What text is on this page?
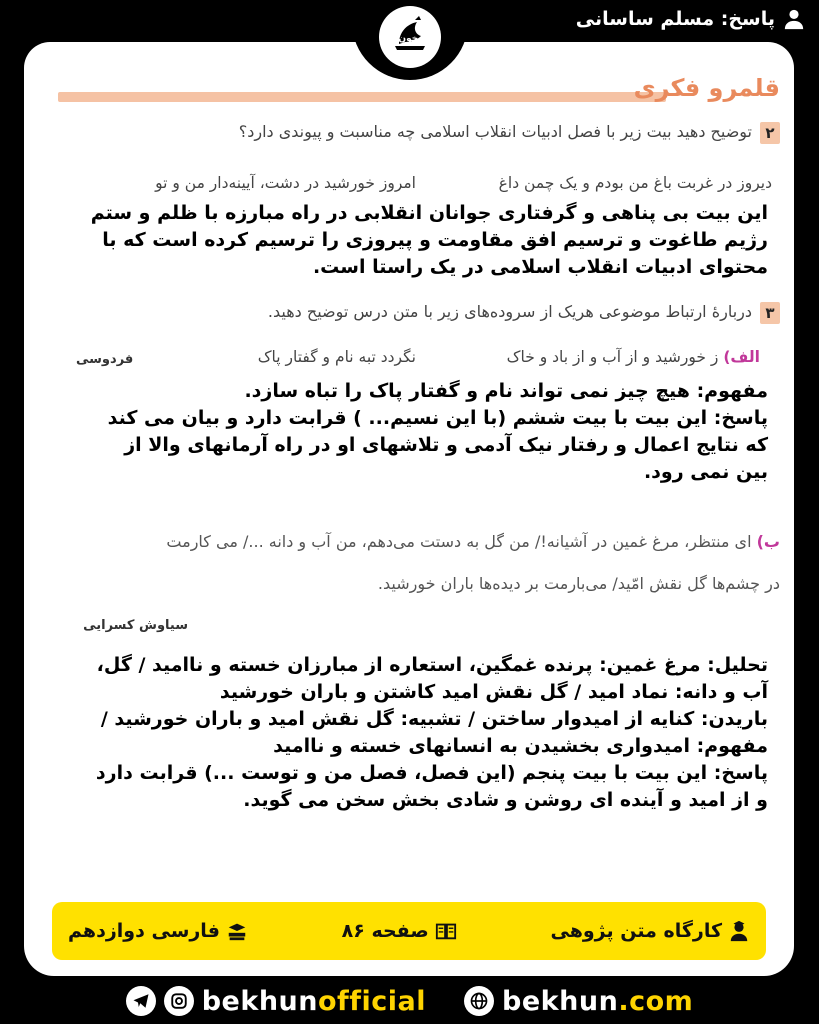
پاسخ: مسلم ساسانی
بخون
قلمرو فکری
۲
توضیح دهید بیت زیر با فصل ادبیات انقلاب اسلامی چه مناسبت و پیوندی دارد؟
دیروز در غربت باغ من بودم و یک چمن داغ
امروز خورشید در دشت، آیینه‌دار من و تو
این بیت بی پناهی و گرفتاری جوانان انقلابی در راه مبارزه با ظلم و ستم
رژیم طاغوت و ترسیم افق مقاومت و پیروزی را ترسیم کرده است که با
محتوای ادبیات انقلاب اسلامی در یک راستا است.
۳
دربارهٔ ارتباط موضوعی هریک از سروده‌های زیر با متن درس توضیح دهید.
الف) ز خورشید و از آب و از باد و خاک
نگردد تبه نام و گفتار پاک
فردوسی
مفهوم: هیچ چیز نمی تواند نام و گفتار پاک را تباه سازد.
پاسخ: این بیت با بیت ششم (با این نسیم... ) قرابت دارد و بیان می کند
که نتایج اعمال و رفتار نیک آدمی و تلاشهای او در راه آرمانهای والا از
بین نمی رود.
ب) ای منتظر، مرغ غمین در آشیانه!/ من گل به دستت می‌دهم، من آب و دانه .../ می کارمت
در چشم‌ها گل نقش امّید/ می‌بارمت بر دیده‌ها باران خورشید.
سیاوش کسرایی
تحلیل: مرغ غمین: پرنده غمگین، استعاره از مبارزان خسته و ناامید / گل،
آب و دانه: نماد امید / گل نقش امید کاشتن و باران خورشید
باریدن: کنایه از امیدوار ساختن / تشبیه: گل نقش امید و باران خورشید /
مفهوم: امیدواری بخشیدن به انسانهای خسته و ناامید
پاسخ: این بیت با بیت پنجم (این فصل، فصل من و توست ...) قرابت دارد
و از امید و آینده ای روشن و شادی بخش سخن می گوید.
کارگاه متن پژوهی
صفحه ۸۶
فارسی دوازدهم
bekhunofficial	bekhun.com
